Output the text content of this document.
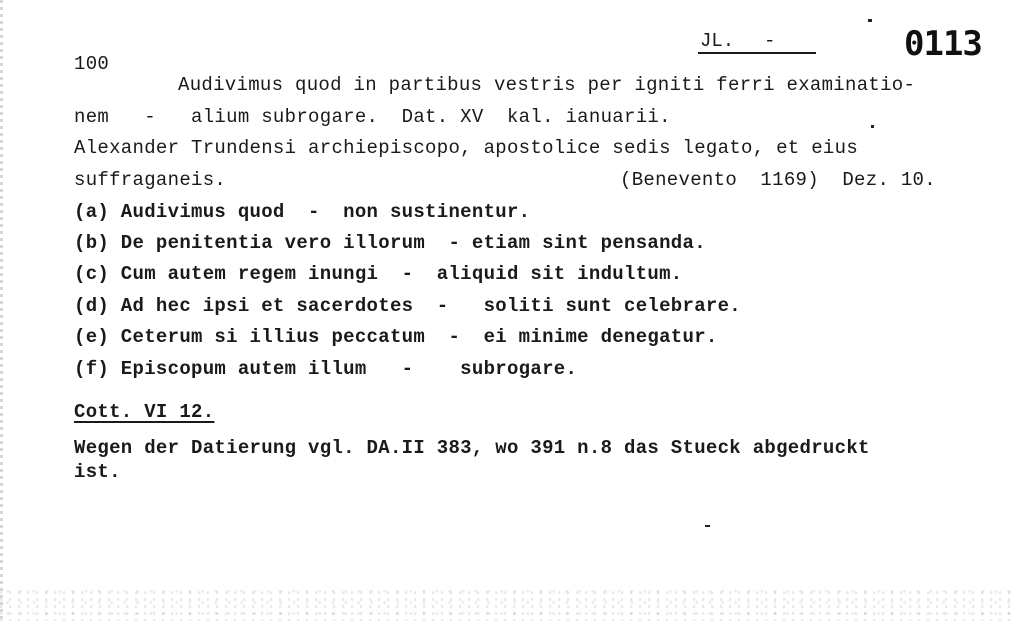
JL. -	0113
100
Audivimus quod in partibus vestris per igniti ferri examinatio-
nem   -   alium subrogare.  Dat. XV  kal. ianuarii.
Alexander Trundensi archiepiscopo, apostolice sedis legato, et eius
suffraganeis.	(Benevento  1169)  Dez. 10.
(a) Audivimus quod  -  non sustinentur.
(b) De penitentia vero illorum  - etiam sint pensanda.
(c) Cum autem regem inungi  -  aliquid sit indultum.
(d) Ad hec ipsi et sacerdotes  -   soliti sunt celebrare.
(e) Ceterum si illius peccatum  -  ei minime denegatur.
(f) Episcopum autem illum   -    subrogare.
Cott. VI 12.
Wegen der Datierung vgl. DA.II 383, wo 391 n.8 das Stueck abgedruckt
ist.
